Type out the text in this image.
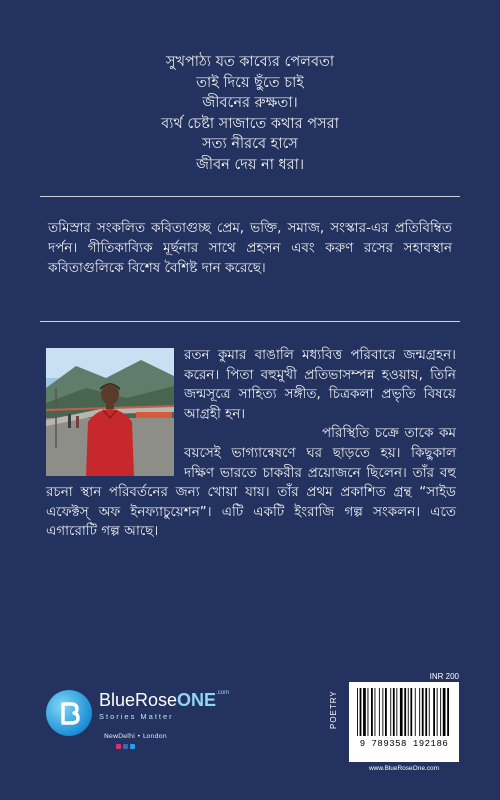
সুখপাঠ্য যত কাব্যের পেলবতা
তাই দিয়ে ছুঁতে চাই
জীবনের রুক্ষতা।
ব্যর্থ চেষ্টা সাজাতে কথার পসরা
সত্য নীরবে হাসে
জীবন দেয় না ধরা।
তমিস্রার সংকলিত কবিতাগুচ্ছ প্রেম, ভক্তি, সমাজ, সংস্কার-এর প্রতিবিম্বিত দর্পন। গীতিকাব্যিক মূর্ছনার সাথে প্রহসন এবং করুণ রসের সহাবস্থান কবিতাগুলিকে বিশেষ বৈশিষ্ট দান করেছে।

রতন কুমার বাঙালি মধ্যবিত্ত পরিবারে জন্মগ্রহন। করেন। পিতা বহুমুখী প্রতিভাসম্পন্ন হওয়ায়, তিনি জন্মসূত্রে সাহিত্য সঙ্গীত, চিত্রকলা প্রভৃতি বিষয়ে আগ্রহী হন।

পরিস্থিতি চক্রে তাকে কম বয়সেই ভাগ্যান্বেষণে ঘর ছাড়তে হয়। কিছুকাল দক্ষিণ ভারতে চাকরীর প্রয়োজনে ছিলেন। তাঁর বহু রচনা স্থান পরিবর্তনের জন্য খোয়া যায়। তাঁর প্রথম প্রকাশিত গ্রন্থ “সাইড এফেক্টস্ অফ ইনফ্যাচুয়েশন”। এটি একটি ইংরাজি গল্প সংকলন। এতে এগারোটি গল্প আছে।

BlueRoseONE$^{.com}$
Stories Matter
NewDelhi • London
INR 200
POETRY
9 789358 192186
www.BlueRoseOne.com
